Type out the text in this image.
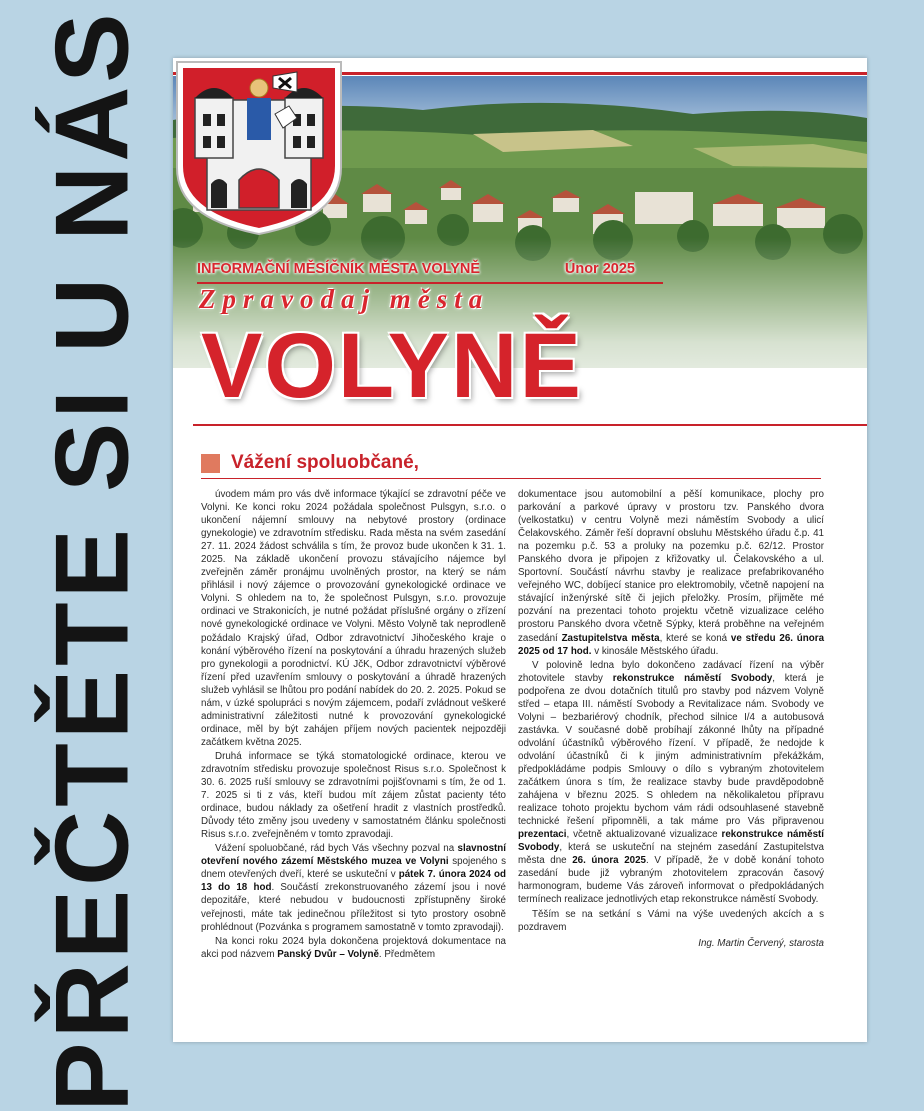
PŘEČTĚTE SI U NÁS	INFORMAČNÍ MĚSÍČNÍK MĚSTA VOLYNĚ	Únor 2025
Zpravodaj města
VOLYNĚ
Vážení spoluobčané,

úvodem mám pro vás dvě informace týkající se zdravotní péče ve Volyni. Ke konci roku 2024 požádala společnost Pulsgyn, s.r.o. o ukončení nájemní smlouvy na nebytové prostory (ordinace gynekologie) ve zdravotním středisku. Rada města na svém zasedání 27. 11. 2024 žádost schválila s tím, že provoz bude ukončen k 31. 1. 2025. Na základě ukončení provozu stávajícího nájemce byl zveřejněn záměr pronájmu uvolněných prostor, na který se nám přihlásil i nový zájemce o provozování gynekologické ordinace ve Volyni. S ohledem na to, že společnost Pulsgyn, s.r.o. provozuje ordinaci ve Strakonicích, je nutné požádat příslušné orgány o zřízení nové gynekologické ordinace ve Volyni. Město Volyně tak neprodleně požádalo Krajský úřad, Odbor zdravotnictví Jihočeského kraje o konání výběrového řízení na poskytování a úhradu hrazených služeb pro gynekologii a porodnictví. KÚ JčK, Odbor zdravotnictví výběrové řízení před uzavřením smlouvy o poskytování a úhradě hrazených služeb vyhlásil se lhůtou pro podání nabídek do 20. 2. 2025. Pokud se nám, v úzké spolupráci s novým zájemcem, podaří zvládnout veškeré administrativní záležitosti nutné k provozování gynekologické ordinace, měl by být zahájen příjem nových pacientek nejpozději začátkem května 2025.

Druhá informace se týká stomatologické ordinace, kterou ve zdravotním středisku provozuje společnost Risus s.r.o. Společnost k 30. 6. 2025 ruší smlouvy se zdravotními pojišťovnami s tím, že od 1. 7. 2025 si ti z vás, kteří budou mít zájem zůstat pacienty této ordinace, budou náklady za ošetření hradit z vlastních prostředků. Důvody této změny jsou uvedeny v samostatném článku společnosti Risus s.r.o. zveřejněném v tomto zpravodaji.

Vážení spoluobčané, rád bych Vás všechny pozval na slavnostní otevření nového zázemí Městského muzea ve Volyni spojeného s dnem otevřených dveří, které se uskuteční v pátek 7. února 2024 od 13 do 18 hod. Součástí zrekonstruovaného zázemí jsou i nové depozitáře, které nebudou v budoucnosti zpřístupněny široké veřejnosti, máte tak jedinečnou příležitost si tyto prostory osobně prohlédnout (Pozvánka s programem samostatně v tomto zpravodaji).

Na konci roku 2024 byla dokončena projektová dokumentace na akci pod názvem Panský Dvůr – Volyně. Předmětem

dokumentace jsou automobilní a pěší komunikace, plochy pro parkování a parkové úpravy v prostoru tzv. Panského dvora (velkostatku) v centru Volyně mezi náměstím Svobody a ulicí Čelakovského. Záměr řeší dopravní obsluhu Městského úřadu č.p. 41 na pozemku p.č. 53 a proluky na pozemku p.č. 62/12. Prostor Panského dvora je připojen z křižovatky ul. Čelakovského a ul. Sportovní. Součástí návrhu stavby je realizace prefabrikovaného veřejného WC, dobíjecí stanice pro elektromobily, včetně napojení na stávající inženýrské sítě či jejich přeložky. Prosím, přijměte mé pozvání na prezentaci tohoto projektu včetně vizualizace celého prostoru Panského dvora včetně Sýpky, která proběhne na veřejném zasedání Zastupitelstva města, které se koná ve středu 26. února 2025 od 17 hod. v kinosále Městského úřadu.

V polovině ledna bylo dokončeno zadávací řízení na výběr zhotovitele stavby rekonstrukce náměstí Svobody, která je podpořena ze dvou dotačních titulů pro stavby pod názvem Volyně střed – etapa III. náměstí Svobody a Revitalizace nám. Svobody ve Volyni – bezbariérový chodník, přechod silnice I/4 a autobusová zastávka. V současné době probíhají zákonné lhůty na případné odvolání účastníků výběrového řízení. V případě, že nedojde k odvolání účastníků či k jiným administrativním překážkám, předpokládáme podpis Smlouvy o dílo s vybraným zhotovitelem začátkem února s tím, že realizace stavby bude pravděpodobně zahájena v březnu 2025. S ohledem na několikaletou přípravu realizace tohoto projektu bychom vám rádi odsouhlasené stavebně technické řešení připomněli, a tak máme pro Vás připravenou prezentaci, včetně aktualizované vizualizace rekonstrukce náměstí Svobody, která se uskuteční na stejném zasedání Zastupitelstva města dne 26. února 2025. V případě, že v době konání tohoto zasedání bude již vybraným zhotovitelem zpracován časový harmonogram, budeme Vás zároveň informovat o předpokládaných termínech realizace jednotlivých etap rekonstrukce náměstí Svobody.

Těším se na setkání s Vámi na výše uvedených akcích a s pozdravem

Ing. Martin Červený, starosta
